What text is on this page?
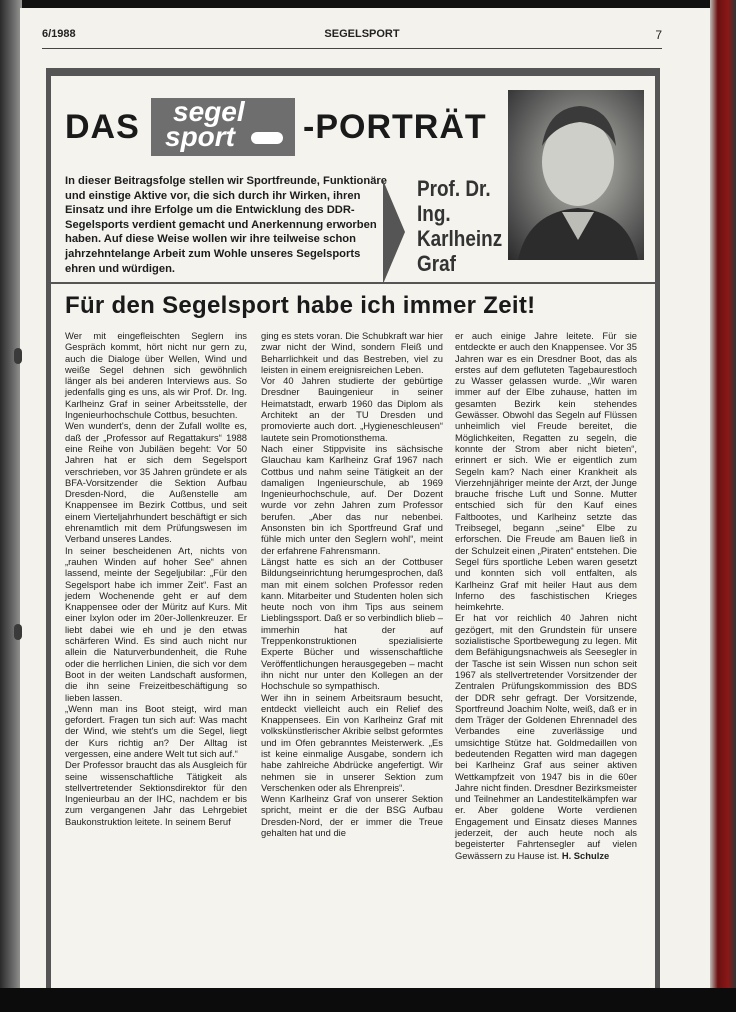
6/1988	SEGELSPORT	7
DAS segel
sport -PORTRÄT
In dieser Beitragsfolge stellen wir Sportfreunde, Funktionäre und einstige Aktive vor, die sich durch ihr Wirken, ihren Einsatz und ihre Erfolge um die Entwicklung des DDR-Segelsports verdient gemacht und Anerkennung erworben haben. Auf diese Weise wollen wir ihre teilweise schon jahrzehntelange Arbeit zum Wohle unseres Segelsports ehren und würdigen.
Prof. Dr.
Ing.
Karlheinz
Graf
Für den Segelsport habe ich immer Zeit!
Wer mit eingefleischten Seglern ins Gespräch kommt, hört nicht nur gern zu, auch die Dialoge über Wellen, Wind und weiße Segel dehnen sich gewöhnlich länger als bei anderen Interviews aus. So jedenfalls ging es uns, als wir Prof. Dr. Ing. Karlheinz Graf in seiner Arbeitsstelle, der Ingenieurhochschule Cottbus, besuchten.
Wen wundert's, denn der Zufall wollte es, daß der „Professor auf Regattakurs“ 1988 eine Reihe von Jubiläen begeht: Vor 50 Jahren hat er sich dem Segelsport verschrieben, vor 35 Jahren gründete er als BFA-Vorsitzender die Sektion Aufbau Dresden-Nord, die Außenstelle am Knappensee im Bezirk Cottbus, und seit einem Vierteljahrhundert beschäftigt er sich ehrenamtlich mit dem Prüfungswesen im Verband unseres Landes.
In seiner bescheidenen Art, nichts von „rauhen Winden auf hoher See“ ahnen lassend, meinte der Segeljubilar: „Für den Segelsport habe ich immer Zeit“. Fast an jedem Wochenende geht er auf dem Knappensee oder der Müritz auf Kurs. Mit einer Ixylon oder im 20er-Jollenkreuzer. Er liebt dabei wie eh und je den etwas schärferen Wind. Es sind auch nicht nur allein die Naturverbundenheit, die Ruhe oder die herrlichen Linien, die sich vor dem Boot in der weiten Landschaft ausformen, die ihn seine Freizeitbeschäftigung so lieben lassen.
„Wenn man ins Boot steigt, wird man gefordert. Fragen tun sich auf: Was macht der Wind, wie steht's um die Segel, liegt der Kurs richtig an? Der Alltag ist vergessen, eine andere Welt tut sich auf.“
Der Professor braucht das als Ausgleich für seine wissenschaftliche Tätigkeit als stellvertretender Sektionsdirektor für den Ingenieurbau an der IHC, nachdem er bis zum vergangenen Jahr das Lehrgebiet Baukonstruktion leitete. In seinem Beruf
ging es stets voran. Die Schubkraft war hier zwar nicht der Wind, sondern Fleiß und Beharrlichkeit und das Bestreben, viel zu leisten in einem ereignisreichen Leben.
Vor 40 Jahren studierte der gebürtige Dresdner Bauingenieur in seiner Heimatstadt, erwarb 1960 das Diplom als Architekt an der TU Dresden und promovierte auch dort. „Hygieneschleusen“ lautete sein Promotionsthema.
Nach einer Stippvisite ins sächsische Glauchau kam Karlheinz Graf 1967 nach Cottbus und nahm seine Tätigkeit an der damaligen Ingenieurschule, ab 1969 Ingenieurhochschule, auf. Der Dozent wurde vor zehn Jahren zum Professor berufen. „Aber das nur nebenbei. Ansonsten bin ich Sportfreund Graf und fühle mich unter den Seglern wohl“, meint der erfahrene Fahrensmann.
Längst hatte es sich an der Cottbuser Bildungseinrichtung herumgesprochen, daß man mit einem solchen Professor reden kann. Mitarbeiter und Studenten holen sich heute noch von ihm Tips aus seinem Lieblingssport. Daß er so verbindlich blieb – immerhin hat der auf Treppenkonstruktionen spezialisierte Experte Bücher und wissenschaftliche Veröffentlichungen herausgegeben – macht ihn nicht nur unter den Kollegen an der Hochschule so sympathisch.
Wer ihn in seinem Arbeitsraum besucht, entdeckt vielleicht auch ein Relief des Knappensees. Ein von Karlheinz Graf mit volkskünstlerischer Akribie selbst geformtes und im Ofen gebranntes Meisterwerk. „Es ist keine einmalige Ausgabe, sondern ich habe zahlreiche Abdrücke angefertigt. Wir nehmen sie in unserer Sektion zum Verschenken oder als Ehrenpreis“.
Wenn Karlheinz Graf von unserer Sektion spricht, meint er die der BSG Aufbau Dresden-Nord, der er immer die Treue gehalten hat und die
er auch einige Jahre leitete. Für sie entdeckte er auch den Knappensee. Vor 35 Jahren war es ein Dresdner Boot, das als erstes auf dem gefluteten Tagebaurestloch zu Wasser gelassen wurde. „Wir waren immer auf der Elbe zuhause, hatten im gesamten Bezirk kein stehendes Gewässer. Obwohl das Segeln auf Flüssen unheimlich viel Freude bereitet, die Möglichkeiten, Regatten zu segeln, die konnte der Strom aber nicht bieten“, erinnert er sich. Wie er eigentlich zum Segeln kam? Nach einer Krankheit als Vierzehnjähriger meinte der Arzt, der Junge brauche frische Luft und Sonne. Mutter entschied sich für den Kauf eines Faltbootes, und Karlheinz setzte das Treibsegel, begann „seine“ Elbe zu erforschen. Die Freude am Bauen ließ in der Schulzeit einen „Piraten“ entstehen. Die Segel fürs sportliche Leben waren gesetzt und konnten sich voll entfalten, als Karlheinz Graf mit heiler Haut aus dem Inferno des faschistischen Krieges heimkehrte.
Er hat vor reichlich 40 Jahren nicht gezögert, mit den Grundstein für unsere sozialistische Sportbewegung zu legen. Mit dem Befähigungsnachweis als Seesegler in der Tasche ist sein Wissen nun schon seit 1967 als stellvertretender Vorsitzender der Zentralen Prüfungskommission des BDS der DDR sehr gefragt. Der Vorsitzende, Sportfreund Joachim Nolte, weiß, daß er in dem Träger der Goldenen Ehrennadel des Verbandes eine zuverlässige und umsichtige Stütze hat. Goldmedaillen von bedeutenden Regatten wird man dagegen bei Karlheinz Graf aus seiner aktiven Wettkampfzeit von 1947 bis in die 60er Jahre nicht finden. Dresdner Bezirksmeister und Teilnehmer an Landestitelkämpfen war er. Aber goldene Worte verdienen Engagement und Einsatz dieses Mannes jederzeit, der auch heute noch als begeisterter Fahrtensegler auf vielen Gewässern zu Hause ist. H. Schulze
